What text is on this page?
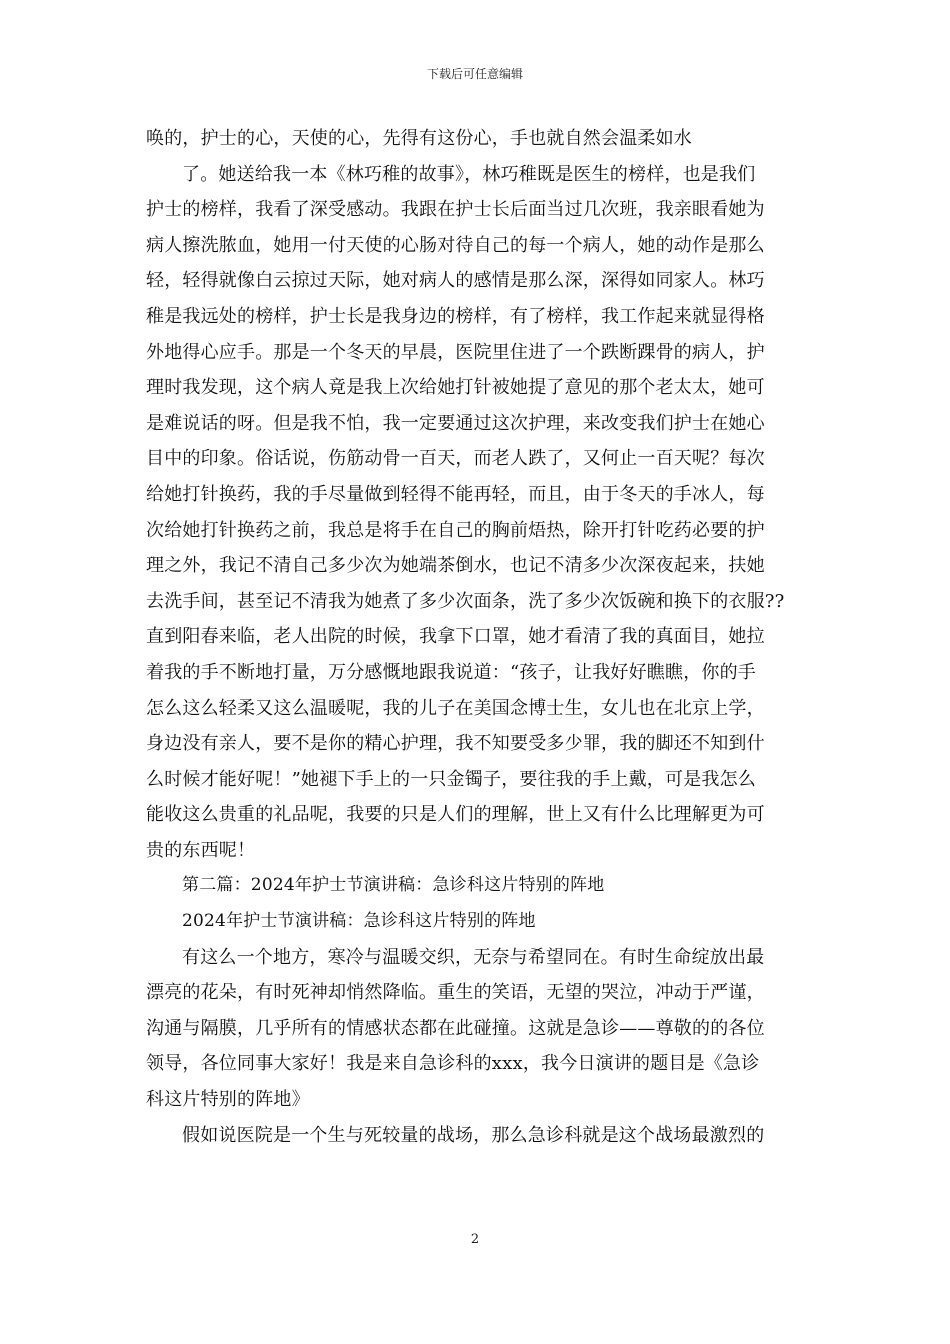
下载后可任意编辑
唤的，护士的心，天使的心，先得有这份心，手也就自然会温柔如水
了。她送给我一本《林巧稚的故事》，林巧稚既是医生的榜样，也是我们
护士的榜样，我看了深受感动。我跟在护士长后面当过几次班，我亲眼看她为
病人擦洗脓血，她用一付天使的心肠对待自己的每一个病人，她的动作是那么
轻，轻得就像白云掠过天际，她对病人的感情是那么深，深得如同家人。林巧
稚是我远处的榜样，护士长是我身边的榜样，有了榜样，我工作起来就显得格
外地得心应手。那是一个冬天的早晨，医院里住进了一个跌断踝骨的病人，护
理时我发现，这个病人竟是我上次给她打针被她提了意见的那个老太太，她可
是难说话的呀。但是我不怕，我一定要通过这次护理，来改变我们护士在她心
目中的印象。俗话说，伤筋动骨一百天，而老人跌了，又何止一百天呢？每次
给她打针换药，我的手尽量做到轻得不能再轻，而且，由于冬天的手冰人，每
次给她打针换药之前，我总是将手在自己的胸前焐热，除开打针吃药必要的护
理之外，我记不清自己多少次为她端茶倒水，也记不清多少次深夜起来，扶她
去洗手间，甚至记不清我为她煮了多少次面条，洗了多少次饭碗和换下的衣服??
直到阳春来临，老人出院的时候，我拿下口罩，她才看清了我的真面目，她拉
着我的手不断地打量，万分感慨地跟我说道：“孩子，让我好好瞧瞧，你的手
怎么这么轻柔又这么温暖呢，我的儿子在美国念博士生，女儿也在北京上学，
身边没有亲人，要不是你的精心护理，我不知要受多少罪，我的脚还不知到什
么时候才能好呢！”她褪下手上的一只金镯子，要往我的手上戴，可是我怎么
能收这么贵重的礼品呢，我要的只是人们的理解，世上又有什么比理解更为可
贵的东西呢！
第二篇：2024年护士节演讲稿：急诊科这片特别的阵地
2024年护士节演讲稿：急诊科这片特别的阵地
有这么一个地方，寒冷与温暖交织，无奈与希望同在。有时生命绽放出最
漂亮的花朵，有时死神却悄然降临。重生的笑语，无望的哭泣，冲动于严谨，
沟通与隔膜，几乎所有的情感状态都在此碰撞。这就是急诊——尊敬的的各位
领导，各位同事大家好！我是来自急诊科的xxx，我今日演讲的题目是《急诊
科这片特别的阵地》
假如说医院是一个生与死较量的战场，那么急诊科就是这个战场最激烈的
2
